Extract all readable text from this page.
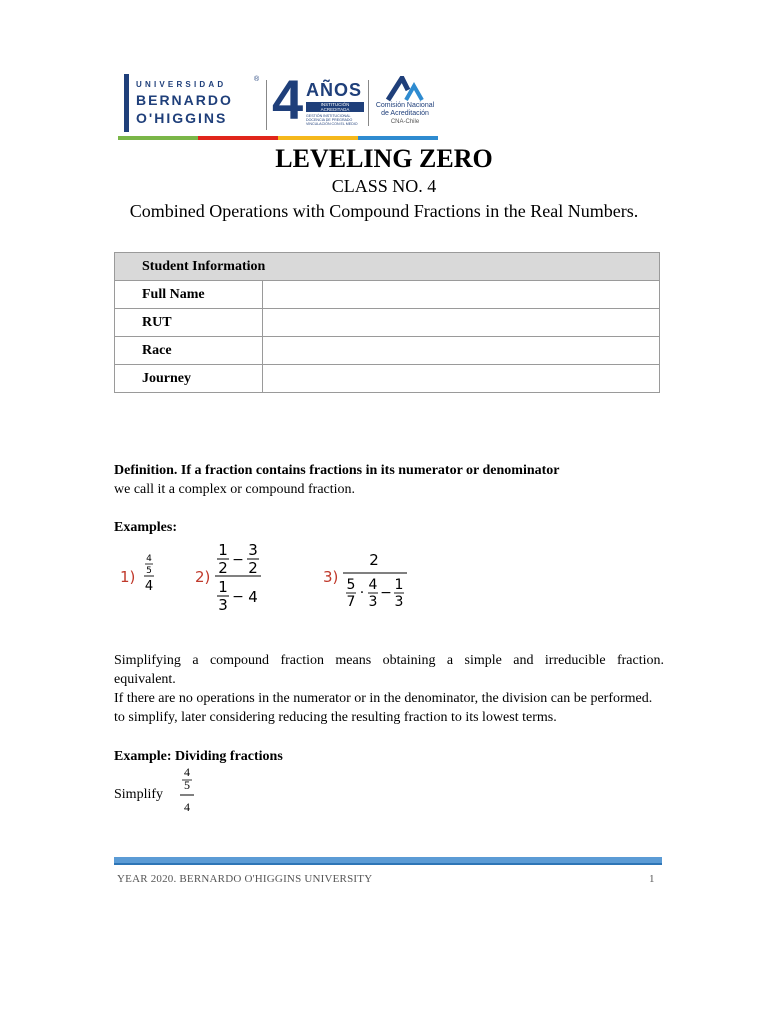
UNIVERSIDAD
BERNARDO
O'HIGGINS
® 4 AÑOS
INSTITUCIÓN ACREDITADA
GESTIÓN INSTITUCIONAL DOCENCIA DE PREGRADO VINCULACIÓN CON EL MEDIO
Comisión Nacional
de Acreditación
CNA-Chile
LEVELING ZERO
CLASS NO. 4
Combined Operations with Compound Fractions in the Real Numbers.
Student Information	
Full Name	
RUT	
Race	
Journey	
Definition. If a fraction contains fractions in its numerator or denominator
we call it a complex or compound fraction.
Examples:
1)
4
5
4
2)
1
2 −
3
2
1
3 − 4
3)
2
5
7
· 4
3
− 1
3
Simplifying a compound fraction means obtaining a simple and irreducible fraction.
equivalent.
If there are no operations in the numerator or in the denominator, the division can be performed.
to simplify, later considering reducing the resulting fraction to its lowest terms.
Example: Dividing fractions
Simplify
4
5
4
YEAR 2020. BERNARDO O'HIGGINS UNIVERSITY	1
